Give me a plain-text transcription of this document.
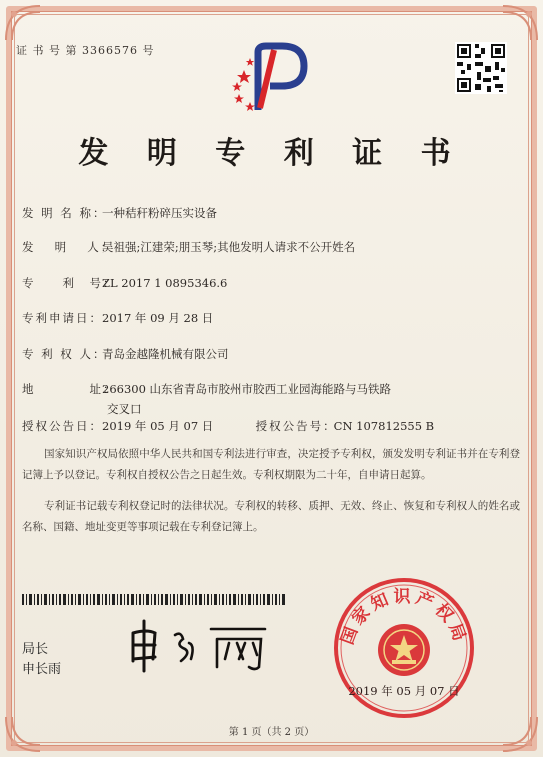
证 书 号 第 3366576 号
发 明 专 利 证 书
发 明 名 称：一种秸秆粉碎压实设备
发　 明　 人：吴祖强;江建荣;朋玉琴;其他发明人请求不公开姓名
专　　利　号：ZL 2017 1 0895346.6
专利申请日：2017 年 09 月 28 日
专 利 权 人：青岛金越隆机械有限公司
地　　　　址：266300 山东省青岛市胶州市胶西工业园海能路与马铁路
交叉口
授权公告日：2019 年 05 月 07 日	授权公告号：CN 107812555 B
国家知识产权局依照中华人民共和国专利法进行审查，决定授予专利权，颁发发明专利证书并在专利登记簿上予以登记。专利权自授权公告之日起生效。专利权期限为二十年，自申请日起算。
专利证书记载专利权登记时的法律状况。专利权的转移、质押、无效、终止、恢复和专利权人的姓名或名称、国籍、地址变更等事项记载在专利登记簿上。
局长
申长雨
国家知识产权局
2019 年 05 月 07 日
第 1 页（共 2 页）
